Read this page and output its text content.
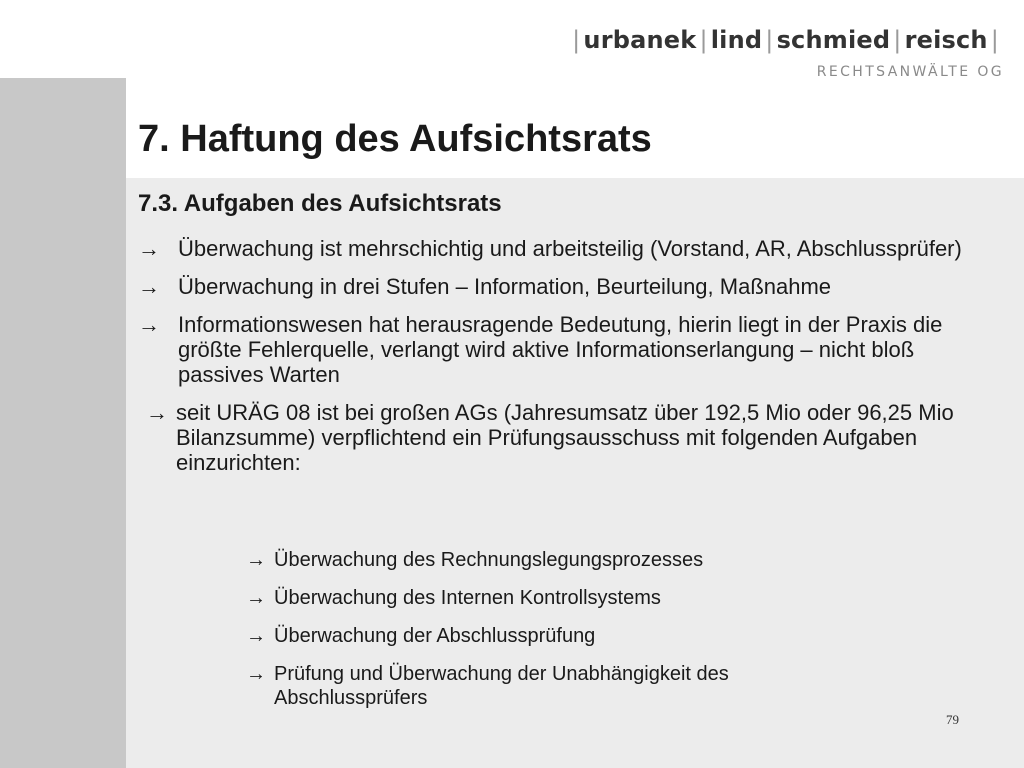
| urbanek | lind | schmied | reisch |
RECHTSANWÄLTE OG
7. Haftung des Aufsichtsrats
7.3. Aufgaben des Aufsichtsrats
→ Überwachung ist mehrschichtig und arbeitsteilig (Vorstand, AR, Abschlussprüfer)
→ Überwachung in drei Stufen – Information, Beurteilung, Maßnahme
→ Informationswesen hat herausragende Bedeutung, hierin liegt in der Praxis die größte Fehlerquelle, verlangt wird aktive Informationserlangung – nicht bloß passives Warten
→ seit URÄG 08 ist bei großen AGs (Jahresumsatz über 192,5 Mio oder 96,25 Mio Bilanzsumme) verpflichtend ein Prüfungsausschuss mit folgenden Aufgaben einzurichten:
→ Überwachung des Rechnungslegungsprozesses
→ Überwachung des Internen Kontrollsystems
→ Überwachung der Abschlussprüfung
→ Prüfung und Überwachung der Unabhängigkeit des Abschlussprüfers
79
